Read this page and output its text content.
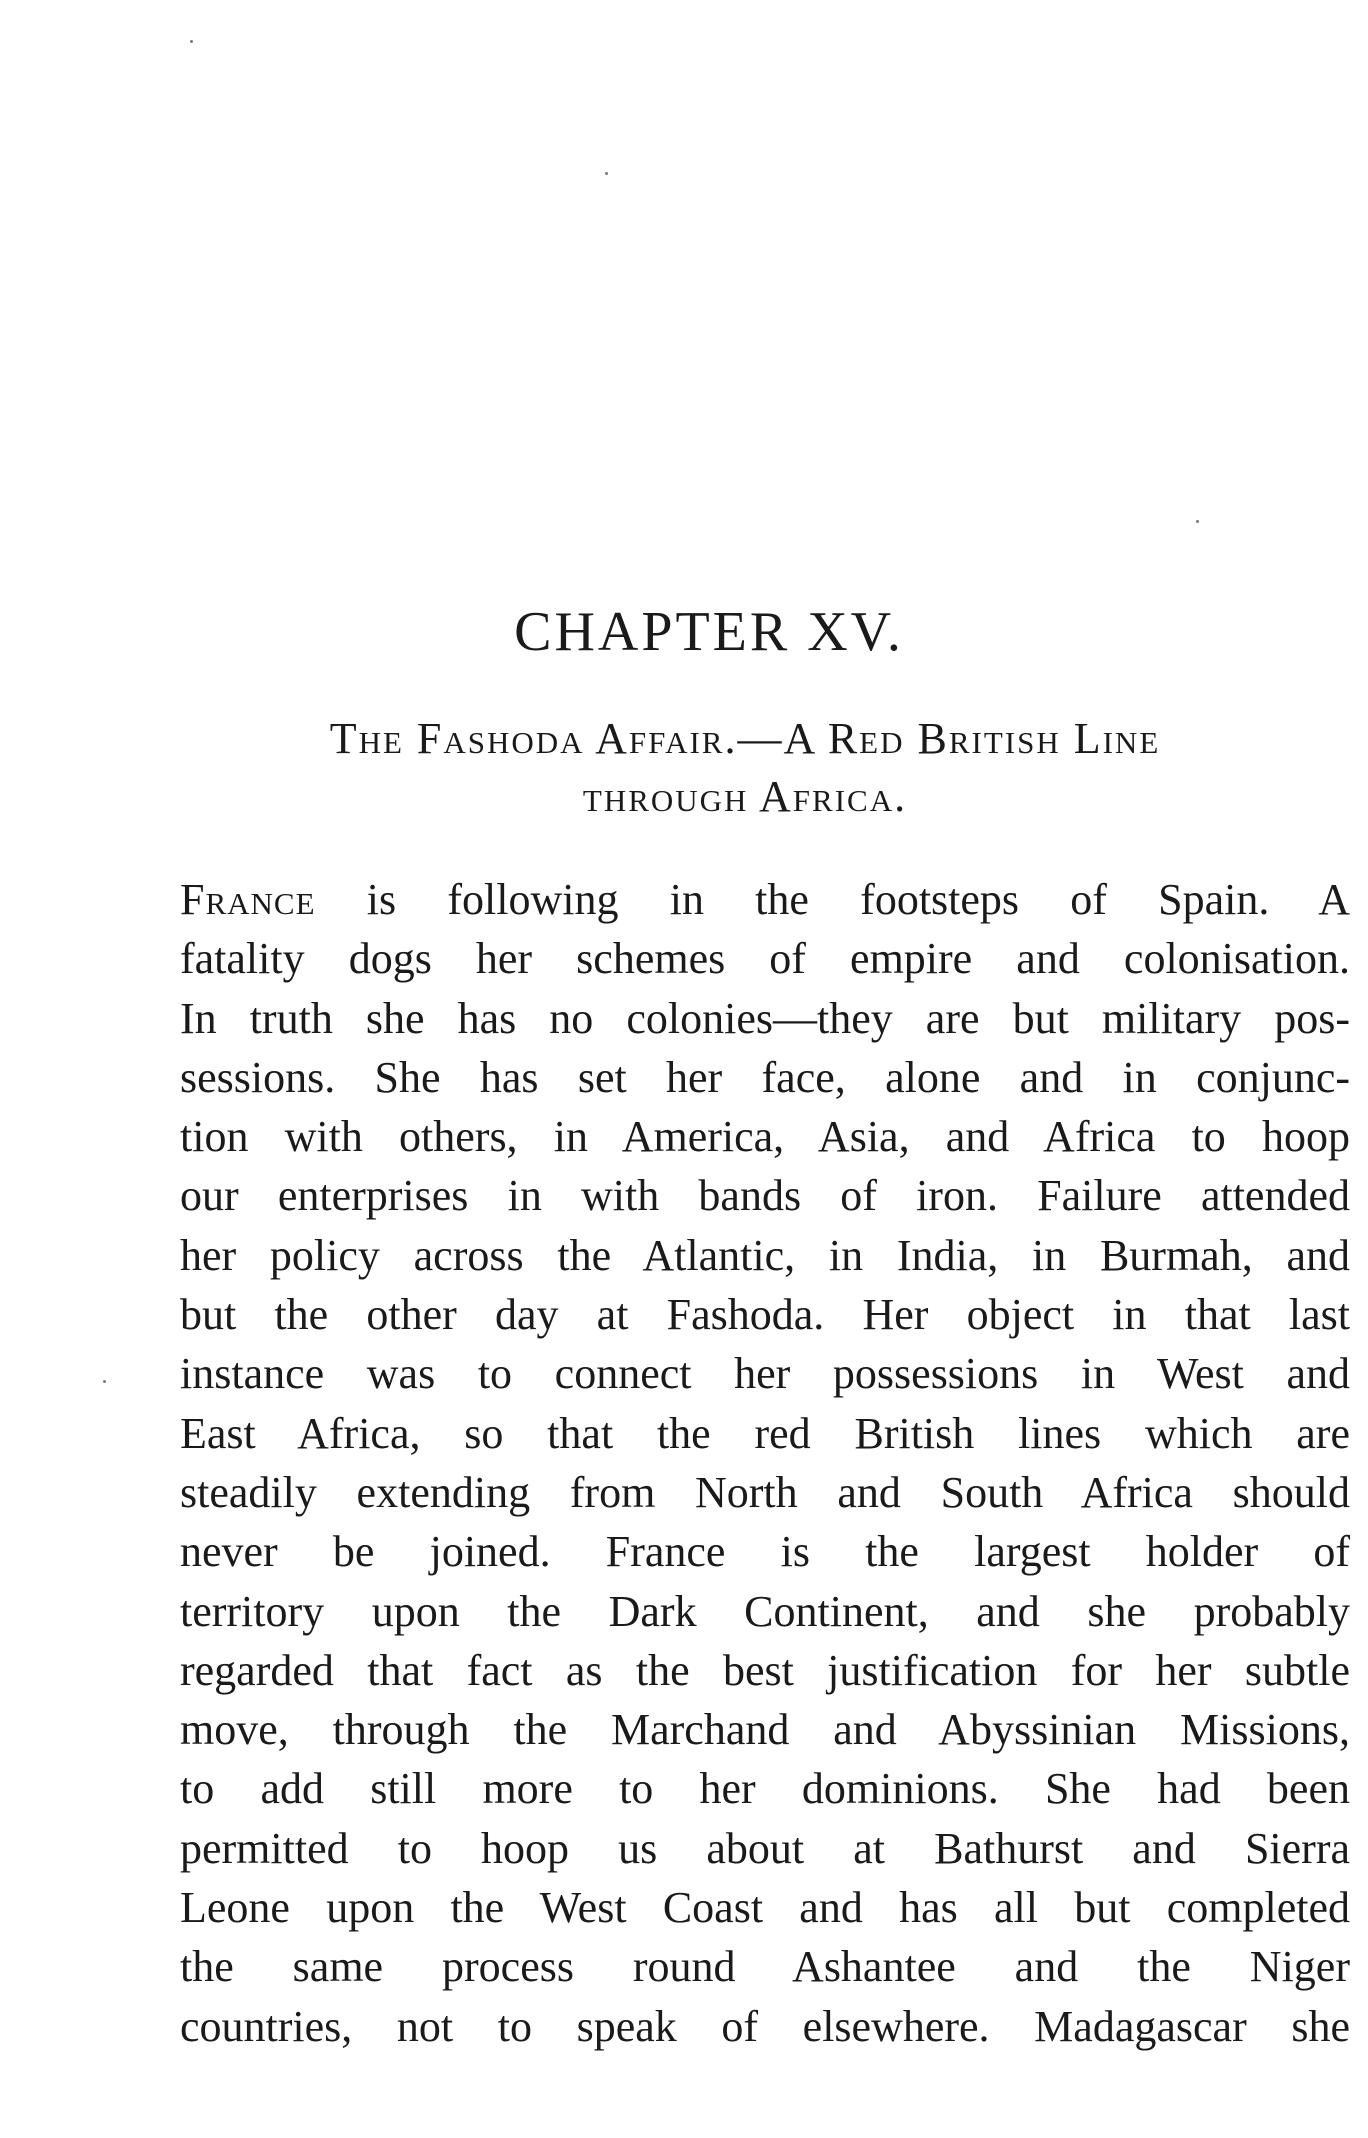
CHAPTER XV.
The Fashoda Affair.—A Red British Line
through Africa.
France is following in the footsteps of Spain. A
fatality dogs her schemes of empire and colonisation.
In truth she has no colonies—they are but military pos-
sessions. She has set her face, alone and in conjunc-
tion with others, in America, Asia, and Africa to hoop
our enterprises in with bands of iron. Failure attended
her policy across the Atlantic, in India, in Burmah, and
but the other day at Fashoda. Her object in that last
instance was to connect her possessions in West and
East Africa, so that the red British lines which are
steadily extending from North and South Africa should
never be joined. France is the largest holder of
territory upon the Dark Continent, and she probably
regarded that fact as the best justification for her subtle
move, through the Marchand and Abyssinian Missions,
to add still more to her dominions. She had been
permitted to hoop us about at Bathurst and Sierra
Leone upon the West Coast and has all but completed
the same process round Ashantee and the Niger
countries, not to speak of elsewhere. Madagascar she
